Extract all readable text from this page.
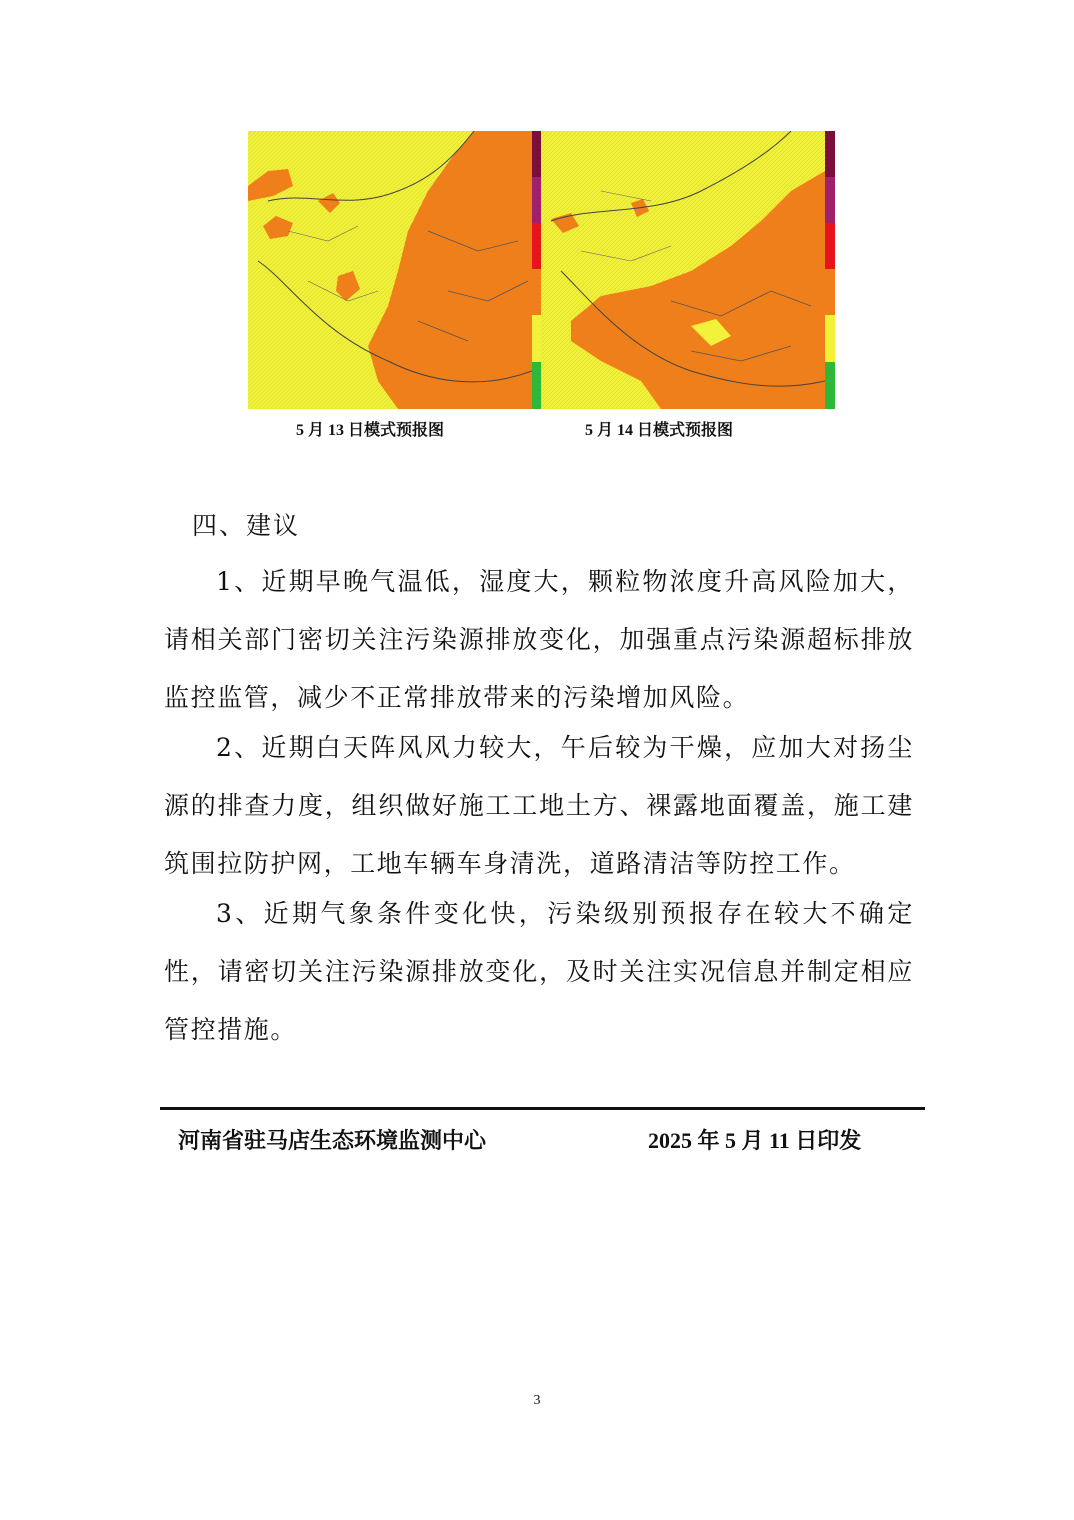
5 月 13 日模式预报图	5 月 14 日模式预报图
四、建议

1、近期早晚气温低，湿度大，颗粒物浓度升高风险加大，请相关部门密切关注污染源排放变化，加强重点污染源超标排放监控监管，减少不正常排放带来的污染增加风险。

2、近期白天阵风风力较大，午后较为干燥，应加大对扬尘源的排查力度，组织做好施工工地土方、裸露地面覆盖，施工建筑围拉防护网，工地车辆车身清洗，道路清洁等防控工作。

3、近期气象条件变化快，污染级别预报存在较大不确定性，请密切关注污染源排放变化，及时关注实况信息并制定相应管控措施。

河南省驻马店生态环境监测中心	2025 年 5 月 11 日印发
3
